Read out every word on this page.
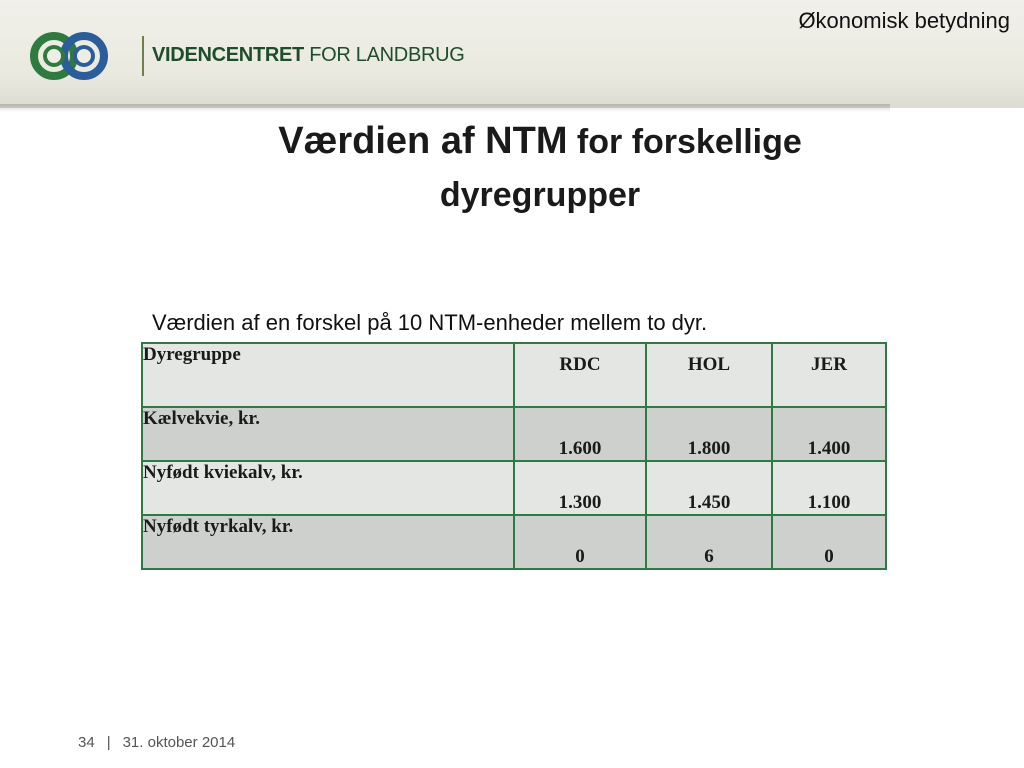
VIDENCENTRET FOR LANDBRUG
Økonomisk betydning
Værdien af NTM for forskellige
dyregrupper
Værdien af en forskel på 10 NTM-enheder mellem to dyr.
Dyregruppe	RDC	HOL	JER
Kælvekvie, kr.	1.600	1.800	1.400
Nyfødt kviekalv, kr.	1.300	1.450	1.100
Nyfødt tyrkalv, kr.	0	6	0
34 | 31. oktober 2014
